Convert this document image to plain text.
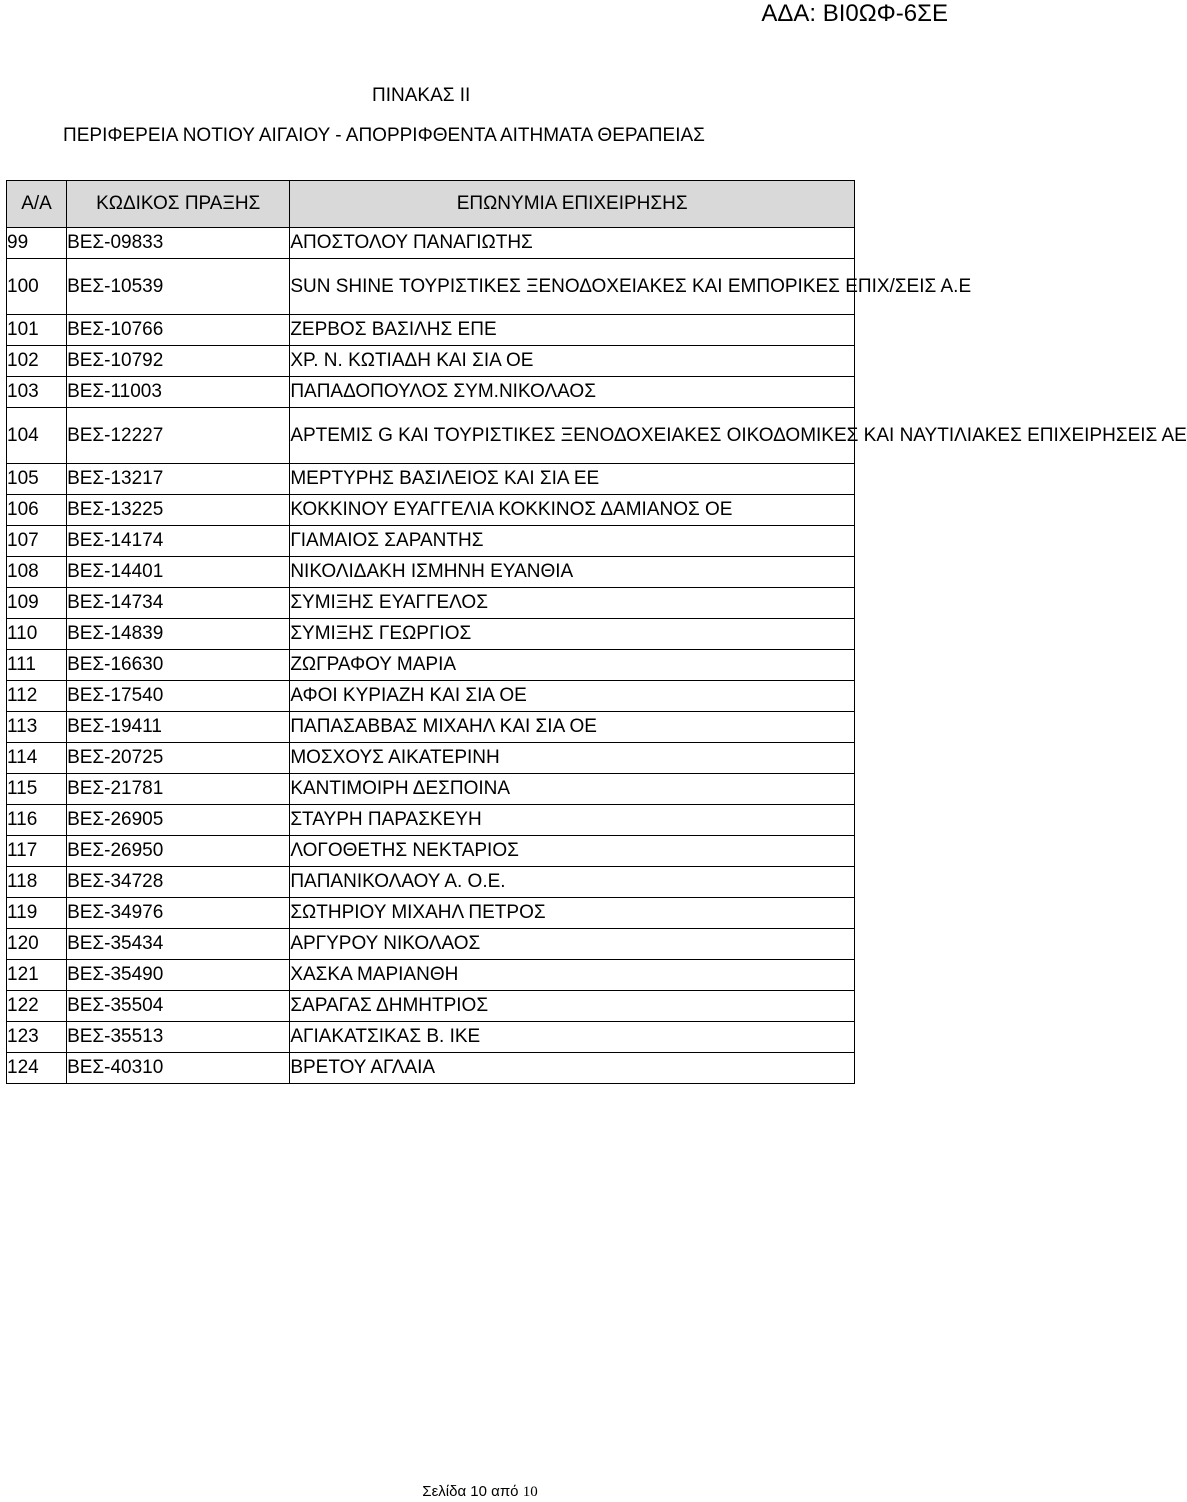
ΑΔΑ: ΒΙ0ΩΦ-6ΣΕ
ΠΙΝΑΚΑΣ ΙΙ
ΠΕΡΙΦΕΡΕΙΑ ΝΟΤΙΟΥ ΑΙΓΑΙΟΥ - ΑΠΟΡΡΙΦΘΕΝΤΑ ΑΙΤΗΜΑΤΑ ΘΕΡΑΠΕΙΑΣ
Α/Α	ΚΩΔΙΚΟΣ ΠΡΑΞΗΣ	ΕΠΩΝΥΜΙΑ ΕΠΙΧΕΙΡΗΣΗΣ
99	ΒΕΣ-09833	ΑΠΟΣΤΟΛΟΥ ΠΑΝΑΓΙΩΤΗΣ
100	ΒΕΣ-10539	SUN SHINE ΤΟΥΡΙΣΤΙΚΕΣ ΞΕΝΟΔΟΧΕΙΑΚΕΣ ΚΑΙ ΕΜΠΟΡΙΚΕΣ ΕΠΙΧ/ΣΕΙΣ Α.Ε
101	ΒΕΣ-10766	ΖΕΡΒΟΣ ΒΑΣΙΛΗΣ ΕΠΕ
102	ΒΕΣ-10792	ΧΡ. Ν. ΚΩΤΙΑΔΗ ΚΑΙ ΣΙΑ ΟΕ
103	ΒΕΣ-11003	ΠΑΠΑΔΟΠΟΥΛΟΣ ΣΥΜ.ΝΙΚΟΛΑΟΣ
104	ΒΕΣ-12227	ΑΡΤΕΜΙΣ G ΚΑΙ ΤΟΥΡΙΣΤΙΚΕΣ ΞΕΝΟΔΟΧΕΙΑΚΕΣ ΟΙΚΟΔΟΜΙΚΕΣ ΚΑΙ ΝΑΥΤΙΛΙΑΚΕΣ ΕΠΙΧΕΙΡΗΣΕΙΣ ΑΕ
105	ΒΕΣ-13217	ΜΕΡΤΥΡΗΣ ΒΑΣΙΛΕΙΟΣ ΚΑΙ ΣΙΑ ΕΕ
106	ΒΕΣ-13225	ΚΟΚΚΙΝΟΥ ΕΥΑΓΓΕΛΙΑ ΚΟΚΚΙΝΟΣ ΔΑΜΙΑΝΟΣ ΟΕ
107	ΒΕΣ-14174	ΓΙΑΜΑΙΟΣ ΣΑΡΑΝΤΗΣ
108	ΒΕΣ-14401	ΝΙΚΟΛΙΔΑΚΗ ΙΣΜΗΝΗ ΕΥΑΝΘΙΑ
109	ΒΕΣ-14734	ΣΥΜΙΞΗΣ ΕΥΑΓΓΕΛΟΣ
110	ΒΕΣ-14839	ΣΥΜΙΞΗΣ ΓΕΩΡΓΙΟΣ
111	ΒΕΣ-16630	ΖΩΓΡΑΦΟΥ ΜΑΡΙΑ
112	ΒΕΣ-17540	ΑΦΟΙ ΚΥΡΙΑΖΗ ΚΑΙ ΣΙΑ ΟΕ
113	ΒΕΣ-19411	ΠΑΠΑΣΑΒΒΑΣ ΜΙΧΑΗΛ ΚΑΙ ΣΙΑ ΟΕ
114	ΒΕΣ-20725	ΜΟΣΧΟΥΣ ΑΙΚΑΤΕΡΙΝΗ
115	ΒΕΣ-21781	ΚΑΝΤΙΜΟΙΡΗ ΔΕΣΠΟΙΝΑ
116	ΒΕΣ-26905	ΣΤΑΥΡΗ ΠΑΡΑΣΚΕΥΗ
117	ΒΕΣ-26950	ΛΟΓΟΘΕΤΗΣ ΝΕΚΤΑΡΙΟΣ
118	ΒΕΣ-34728	ΠΑΠΑΝΙΚΟΛΑΟΥ Α. Ο.Ε.
119	ΒΕΣ-34976	ΣΩΤΗΡΙΟΥ ΜΙΧΑΗΛ ΠΕΤΡΟΣ
120	ΒΕΣ-35434	ΑΡΓΥΡΟΥ ΝΙΚΟΛΑΟΣ
121	ΒΕΣ-35490	ΧΑΣΚΑ ΜΑΡΙΑΝΘΗ
122	ΒΕΣ-35504	ΣΑΡΑΓΑΣ ΔΗΜΗΤΡΙΟΣ
123	ΒΕΣ-35513	ΑΓΙΑΚΑΤΣΙΚΑΣ Β. ΙΚΕ
124	ΒΕΣ-40310	ΒΡΕΤΟΥ ΑΓΛΑΙΑ
Σελίδα 10 από 10
